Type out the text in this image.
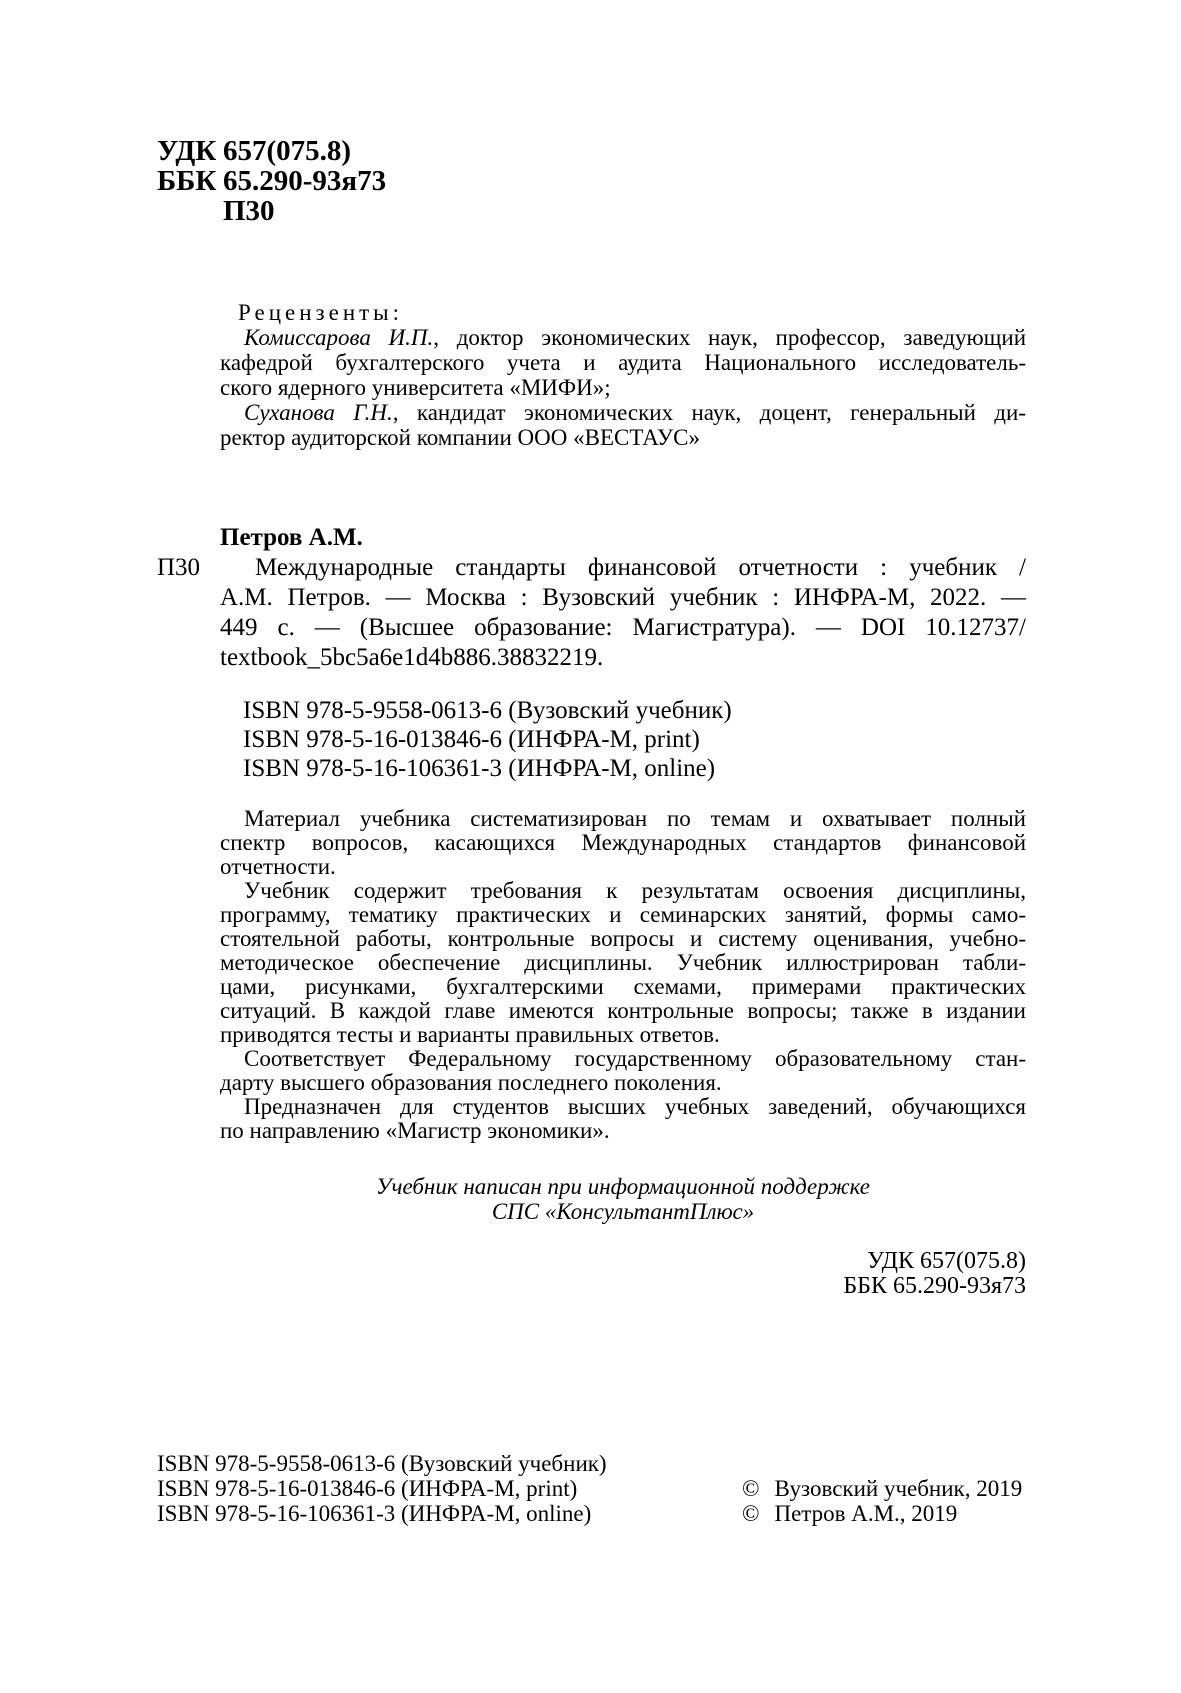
УДК 657(075.8)
ББК 65.290-93я73
П30
Рецензенты:
Комиссарова И.П., доктор экономических наук, профессор, заведующий
кафедрой бухгалтерского учета и аудита Национального исследователь-
ского ядерного университета «МИФИ»;
Суханова Г.Н., кандидат экономических наук, доцент, генеральный ди-
ректор аудиторской компании ООО «ВЕСТАУС»
Петров А.М.
П30	Международные стандарты финансовой отчетности : учебник /
А.М. Петров. — Москва : Вузовский учебник : ИНФРА-М, 2022. —
449 с. — (Высшее образование: Магистратура). — DOI 10.12737/
textbook_5bc5a6e1d4b886.38832219.
ISBN 978-5-9558-0613-6 (Вузовский учебник)
ISBN 978-5-16-013846-6 (ИНФРА-М, print)
ISBN 978-5-16-106361-3 (ИНФРА-М, online)
Материал учебника систематизирован по темам и охватывает полный
спектр вопросов, касающихся Международных стандартов финансовой
отчетности.
Учебник содержит требования к результатам освоения дисциплины,
программу, тематику практических и семинарских занятий, формы само-
стоятельной работы, контрольные вопросы и систему оценивания, учебно-
методическое обеспечение дисциплины. Учебник иллюстрирован табли-
цами, рисунками, бухгалтерскими схемами, примерами практических
ситуаций. В каждой главе имеются контрольные вопросы; также в издании
приводятся тесты и варианты правильных ответов.
Соответствует Федеральному государственному образовательному стан-
дарту высшего образования последнего поколения.
Предназначен для студентов высших учебных заведений, обучающихся
по направлению «Магистр экономики».
Учебник написан при информационной поддержке
СПС «КонсультантПлюс»
УДК 657(075.8)
ББК 65.290-93я73
ISBN 978-5-9558-0613-6 (Вузовский учебник)
ISBN 978-5-16-013846-6 (ИНФРА-М, print)
ISBN 978-5-16-106361-3 (ИНФРА-М, online)
© Вузовский учебник, 2019
© Петров А.М., 2019
